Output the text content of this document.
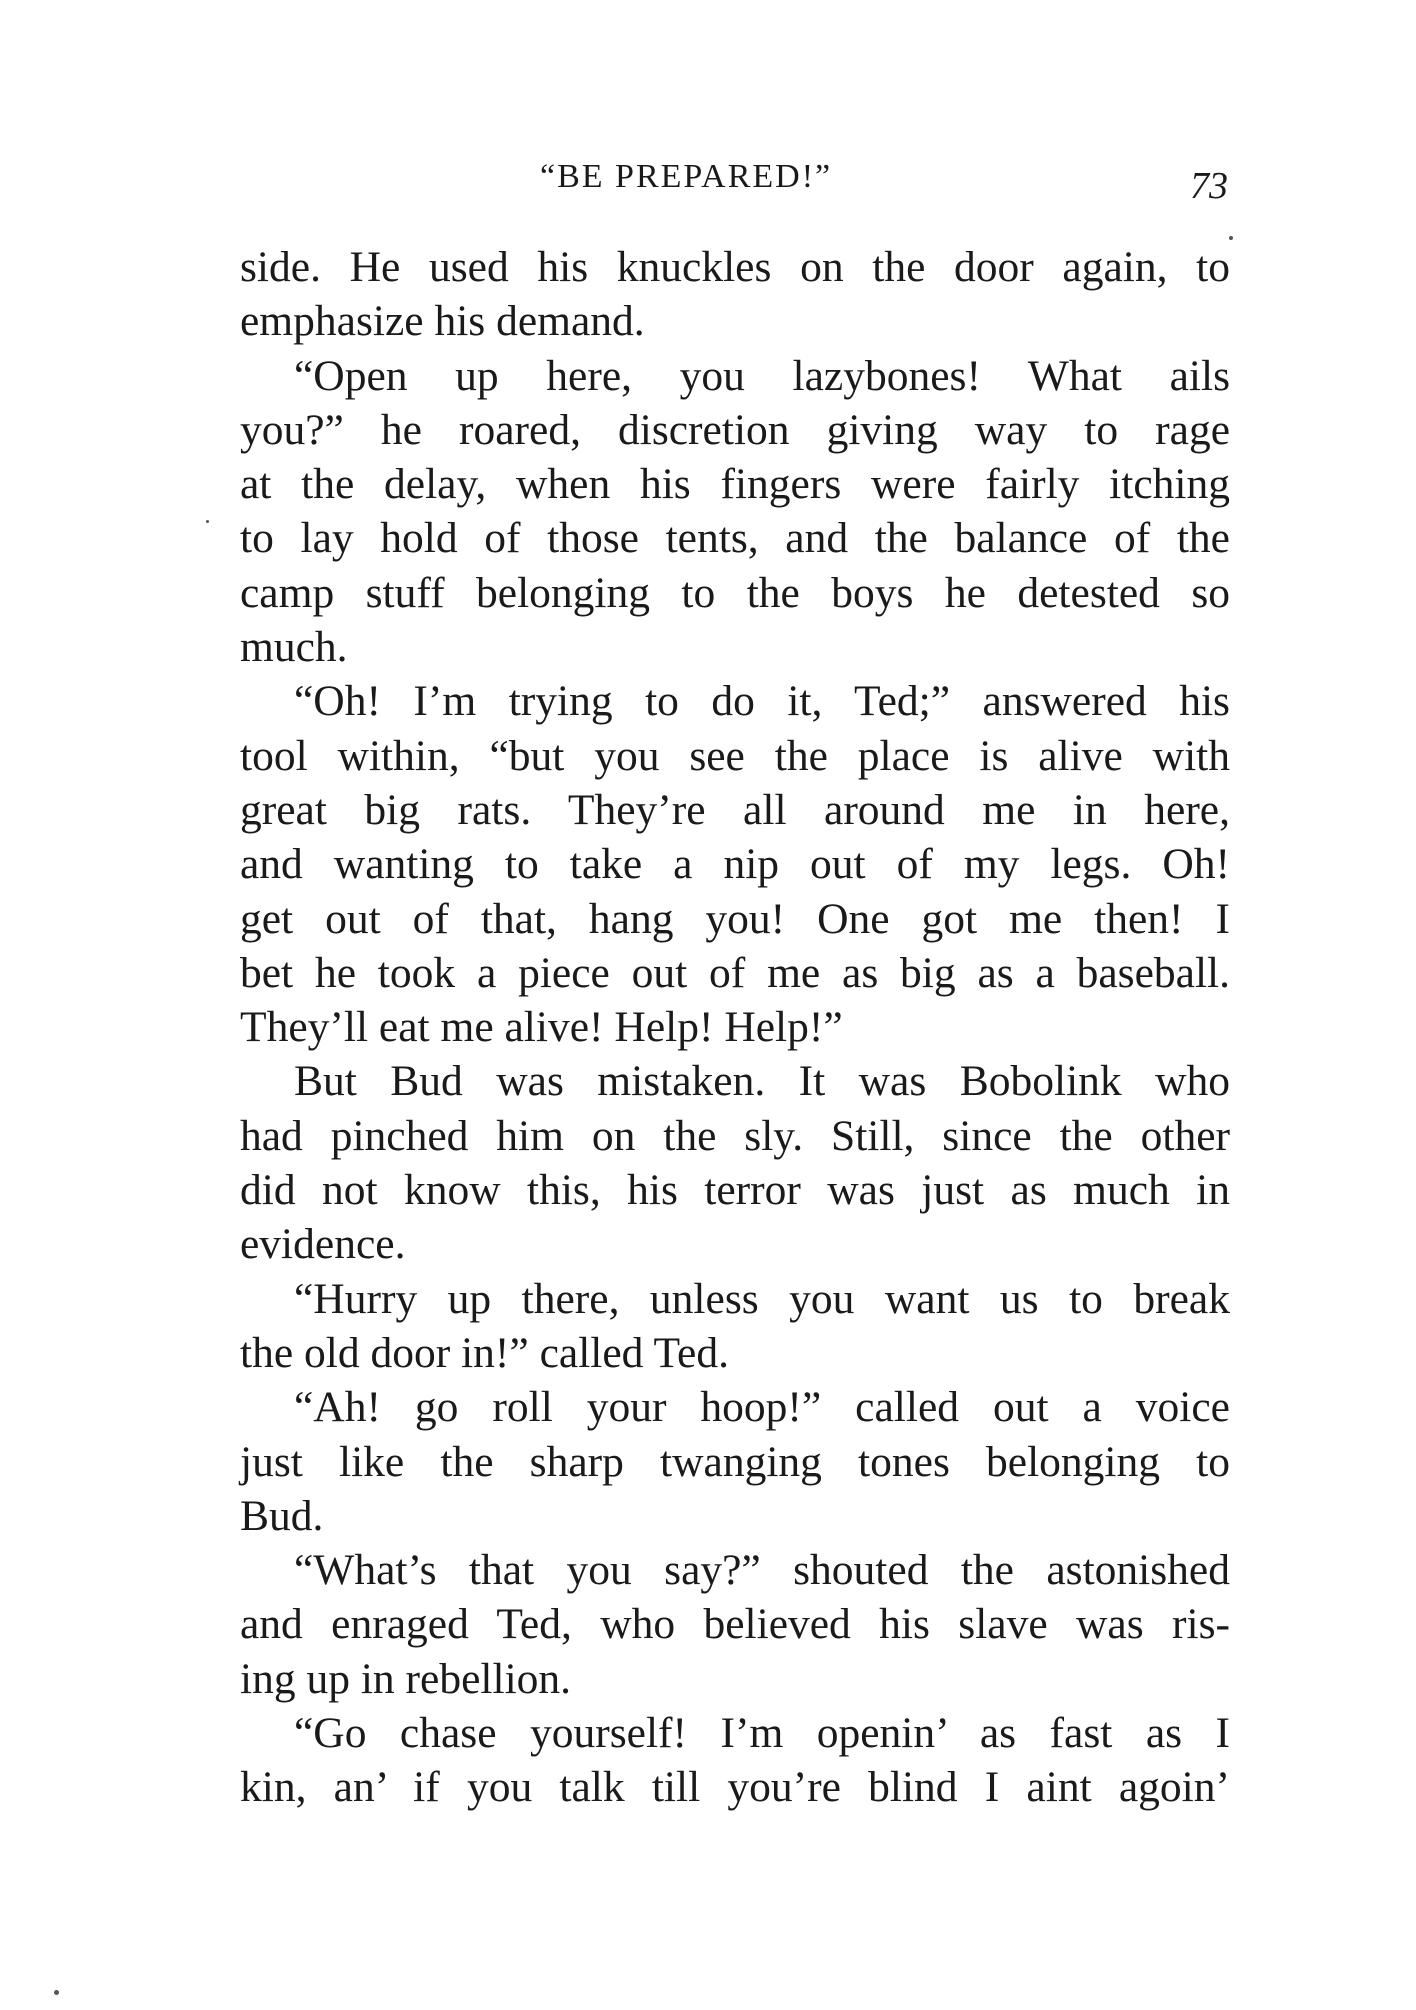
“BE PREPARED!”	73
side. He used his knuckles on the door again, to
emphasize his demand.
“Open up here, you lazybones! What ails
you?” he roared, discretion giving way to rage
at the delay, when his fingers were fairly itching
to lay hold of those tents, and the balance of the
camp stuff belonging to the boys he detested so
much.
“Oh! I’m trying to do it, Ted;” answered his
tool within, “but you see the place is alive with
great big rats. They’re all around me in here,
and wanting to take a nip out of my legs. Oh!
get out of that, hang you! One got me then! I
bet he took a piece out of me as big as a baseball.
They’ll eat me alive! Help! Help!”
But Bud was mistaken. It was Bobolink who
had pinched him on the sly. Still, since the other
did not know this, his terror was just as much in
evidence.
“Hurry up there, unless you want us to break
the old door in!” called Ted.
“Ah! go roll your hoop!” called out a voice
just like the sharp twanging tones belonging to
Bud.
“What’s that you say?” shouted the astonished
and enraged Ted, who believed his slave was ris-
ing up in rebellion.
“Go chase yourself! I’m openin’ as fast as I
kin, an’ if you talk till you’re blind I aint agoin’
